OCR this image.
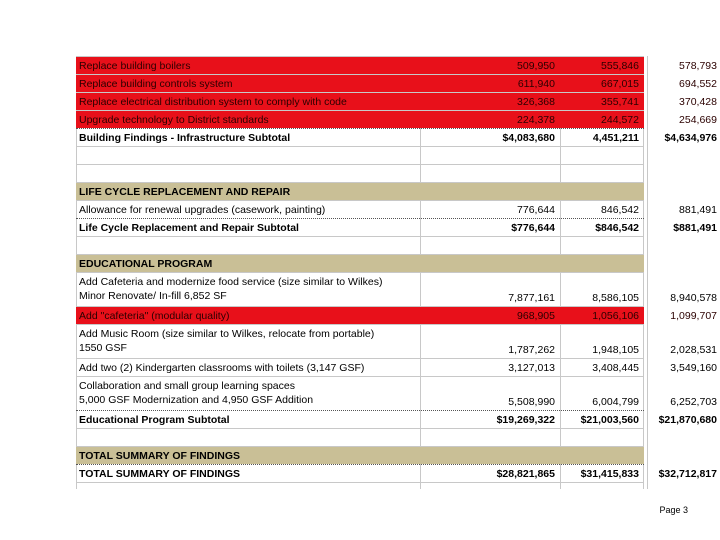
Replace building boilers	509,950	555,846	578,793
Replace building controls system	611,940	667,015	694,552
Replace electrical distribution system to comply with code	326,368	355,741	370,428
Upgrade technology to District standards	224,378	244,572	254,669
Building Findings - Infrastructure Subtotal	$4,083,680	4,451,211	$4,634,976
LIFE CYCLE REPLACEMENT AND REPAIR
Allowance for renewal upgrades (casework, painting)	776,644	846,542	881,491
Life Cycle Replacement and Repair Subtotal	$776,644	$846,542	$881,491
EDUCATIONAL PROGRAM
Add Cafeteria and modernize food service (size similar to Wilkes)
Minor Renovate/ In-fill 6,852 SF	7,877,161	8,586,105	8,940,578
Add "cafeteria" (modular quality)	968,905	1,056,106	1,099,707
Add Music Room (size similar to Wilkes, relocate from portable)
1550 GSF	1,787,262	1,948,105	2,028,531
Add two (2) Kindergarten classrooms with toilets (3,147 GSF)	3,127,013	3,408,445	3,549,160
Collaboration and small group learning spaces
5,000 GSF Modernization and 4,950 GSF Addition	5,508,990	6,004,799	6,252,703
Educational Program Subtotal	$19,269,322	$21,003,560	$21,870,680
TOTAL SUMMARY OF FINDINGS
TOTAL SUMMARY OF FINDINGS	$28,821,865	$31,415,833	$32,712,817
Page 3
